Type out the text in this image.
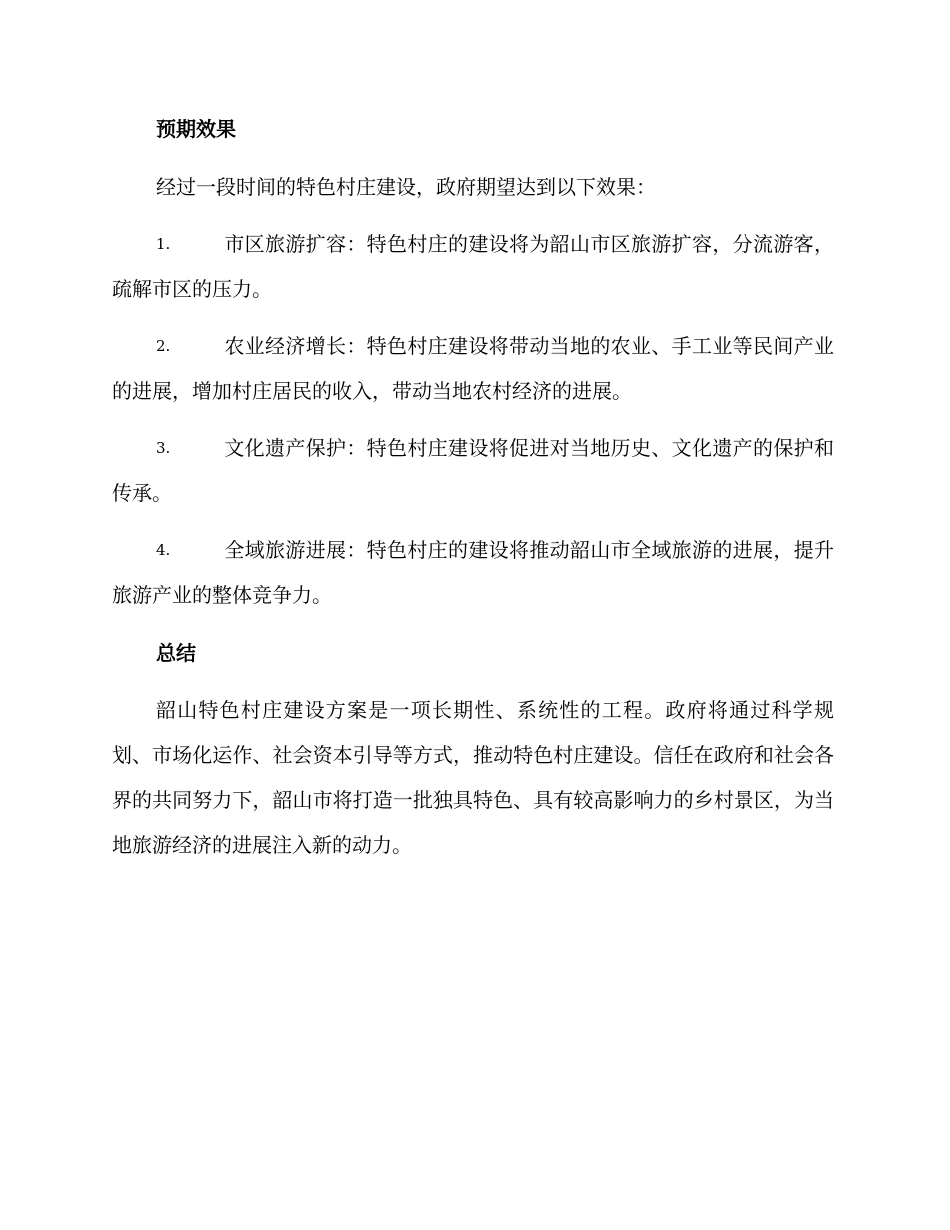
预期效果
经过一段时间的特色村庄建设，政府期望达到以下效果：
1.	市区旅游扩容：特色村庄的建设将为韶山市区旅游扩容，分流游客，疏解市区的压力。
2.	农业经济增长：特色村庄建设将带动当地的农业、手工业等民间产业的进展，增加村庄居民的收入，带动当地农村经济的进展。
3.	文化遗产保护：特色村庄建设将促进对当地历史、文化遗产的保护和传承。
4.	全域旅游进展：特色村庄的建设将推动韶山市全域旅游的进展，提升旅游产业的整体竞争力。
总结
韶山特色村庄建设方案是一项长期性、系统性的工程。政府将通过科学规划、市场化运作、社会资本引导等方式，推动特色村庄建设。信任在政府和社会各界的共同努力下，韶山市将打造一批独具特色、具有较高影响力的乡村景区，为当地旅游经济的进展注入新的动力。
